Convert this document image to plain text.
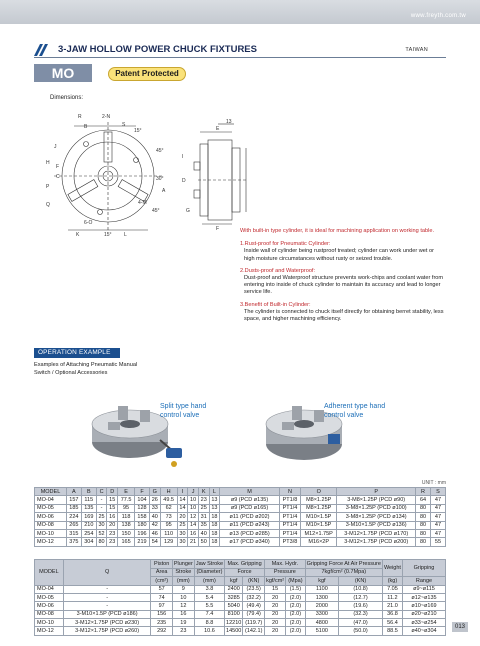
www.freyth.com.tw
3-JAW HOLLOW POWER CHUCK FIXTURES	TAIWAN
MO	Patent Protected
Dimensions:
R	2-N
B	S
15°
J
45°
H
F
C	30°
P
A
4-M
Q
45°
6-O
15°
K	L
E
13
I
D
G
F	With built-in type cylinder, it is ideal for machining application on working table.
1.Rust-proof for Pneumatic Cylinder:
Inside wall of cylinder being rustproof treated; cylinder can work under wet or high moisture circumstances without rusty or seized trouble.
2.Dusts-proof and Waterproof:
Dust-proof and Waterproof structure prevents work-chips and coolant water from entering into inside of chuck cylinder to maintain its accuracy and lead to longer service life.
3.Benefit of Built-in Cylinder:
The cylinder is connected to chuck itself directly for obtaining berret stability, less space, and higher machining efficiency.
OPERATION EXAMPLE
Examples of Attaching Pneumatic Manual
Switch / Optional Accessories
Split type hand
control valve
Adherent type hand
control valve
UNIT : mm
MODEL	A	B	C	D	E	F	G	H	I	J	K	L	M	N	O	P	R	S
MO-04	157	115	-	15	77.5	104	26	49.5	14	10	23	13	ø9 (PCD ø135)	PT1/8	M8×1.25P	3-M8×1.25P (PCD ø90)	64	47
MO-05	185	135	-	15	95	128	33	62	14	10	25	13	ø9 (PCD ø165)	PT1/4	M8×1.25P	3-M8×1.25P (PCD ø100)	80	47
MO-06	224	169	25	16	118	158	40	73	20	12	31	18	ø11 (PCD ø202)	PT1/4	M10×1.5P	3-M8×1.25P (PCD ø134)	80	47
MO-08	265	210	30	20	138	180	42	95	25	14	35	18	ø11 (PCD ø243)	PT1/4	M10×1.5P	3-M10×1.5P (PCD ø136)	80	47
MO-10	315	254	52	23	150	196	46	110	30	16	40	18	ø13 (PCD ø285)	PT1/4	M12×1.75P	3-M12×1.75P (PCD ø170)	80	47
MO-12	375	304	80	23	165	219	54	129	30	21	50	18	ø17 (PCD ø340)	PT3/8	M16×2P	3-M12×1.75P (PCD ø200)	80	55
MODEL	Q	Piston	Plunger	Jaw Stroke	Max. Gripping		Max. Hydr.		Gripping Force At Air Pressure		Weight	Gripping
		Area	Stroke	(Diameter)	Force		Pressure		7kgf/cm² (0.7Mpa)			
		(cm²)	(mm)	(mm)	kgf	(KN)	kgf/cm²	(Mpa)	kgf	(KN)	(kg)	Range

MO-04	-	57	9	3.8	2400	(23.5)	15	(1.5)	1100	(10.8)	7.05	ø9~ø115
MO-05	-	74	10	5.4	3285	(32.2)	20	(2.0)	1300	(12.7)	11.2	ø12~ø135
MO-06	-	97	12	5.5	5040	(49.4)	20	(2.0)	2000	(19.6)	21.0	ø10~ø169
MO-08	3-M10×1.5P (PCD ø186)	156	16	7.4	8100	(79.4)	20	(2.0)	3300	(32.3)	36.8	ø20~ø210
MO-10	3-M12×1.75P (PCD ø230)	235	19	8.8	12210	(119.7)	20	(2.0)	4800	(47.0)	56.4	ø33~ø254
MO-12	3-M12×1.75P (PCD ø260)	292	23	10.6	14500	(142.1)	20	(2.0)	5100	(50.0)	88.5	ø40~ø304
013
